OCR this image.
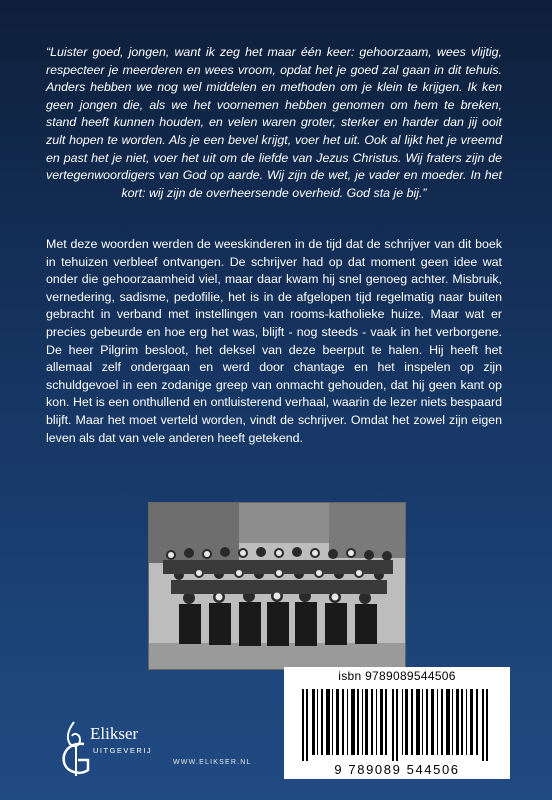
“Luister goed, jongen, want ik zeg het maar één keer: gehoorzaam, wees vlijtig, respecteer je meerderen en wees vroom, opdat het je goed zal gaan in dit tehuis. Anders hebben we nog wel middelen en methoden om je klein te krijgen. Ik ken geen jongen die, als we het voornemen hebben genomen om hem te breken, stand heeft kunnen houden, en velen waren groter, sterker en harder dan jij ooit zult hopen te worden. Als je een bevel krijgt, voer het uit. Ook al lijkt het je vreemd en past het je niet, voer het uit om de liefde van Jezus Christus. Wij fraters zijn de vertegenwoordigers van God op aarde. Wij zijn de wet, je vader en moeder. In het kort: wij zijn de overheersende overheid. God sta je bij.”

Met deze woorden werden de weeskinderen in de tijd dat de schrijver van dit boek in tehuizen verbleef ontvangen. De schrijver had op dat moment geen idee wat onder die gehoorzaamheid viel, maar daar kwam hij snel genoeg achter. Misbruik, vernedering, sadisme, pedofilie, het is in de afgelopen tijd regelmatig naar buiten gebracht in verband met instellingen van rooms-katholieke huize. Maar wat er precies gebeurde en hoe erg het was, blijft - nog steeds - vaak in het verborgene. De heer Pilgrim besloot, het deksel van deze beerput te halen. Hij heeft het allemaal zelf ondergaan en werd door chantage en het inspelen op zijn schuldgevoel in een zodanige greep van onmacht gehouden, dat hij geen kant op kon. Het is een onthullend en ontluisterend verhaal, waarin de lezer niets bespaard blijft. Maar het moet verteld worden, vindt de schrijver. Omdat het zowel zijn eigen leven als dat van vele anderen heeft getekend.

isbn 9789089544506
9 789089 544506
Elikser
UITGEVERIJ
WWW.ELIKSER.NL
